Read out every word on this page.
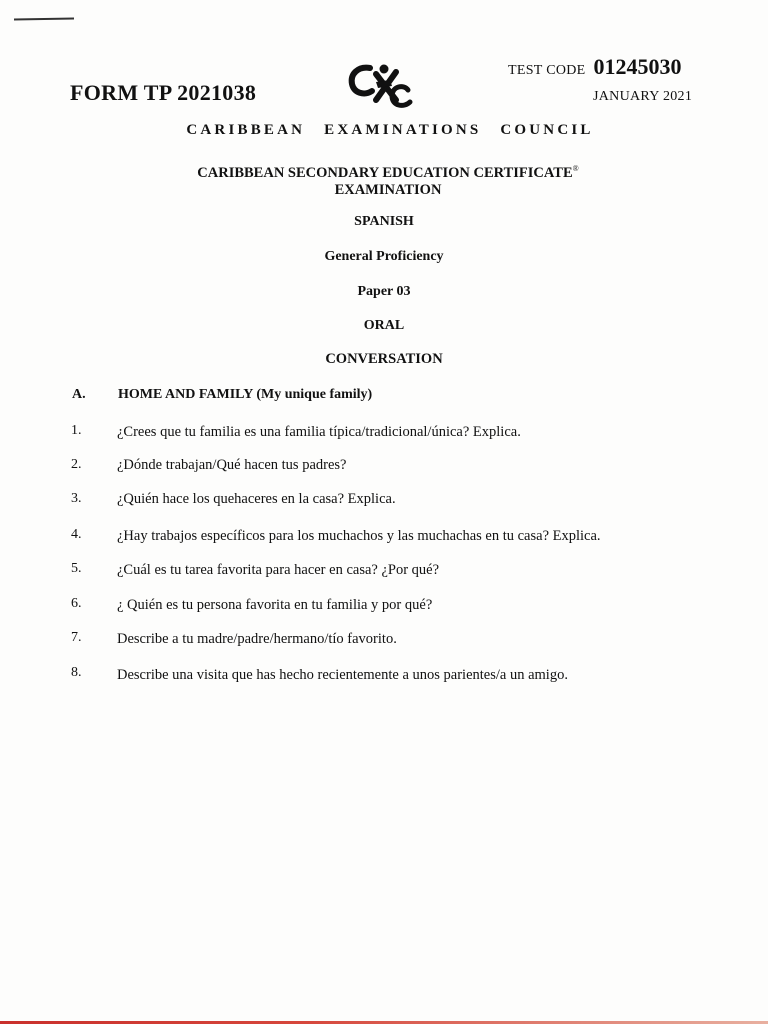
FORM TP 2021038
TEST CODE 01245030
JANUARY 2021
CARIBBEAN EXAMINATIONS COUNCIL
CARIBBEAN SECONDARY EDUCATION CERTIFICATE®
EXAMINATION
SPANISH
General Proficiency
Paper 03
ORAL
CONVERSATION
A. HOME AND FAMILY (My unique family)
1. ¿Crees que tu familia es una familia típica/tradicional/única? Explica.
2. ¿Dónde trabajan/Qué hacen tus padres?
3. ¿Quién hace los quehaceres en la casa? Explica.
4. ¿Hay trabajos específicos para los muchachos y las muchachas en tu casa? Explica.
5. ¿Cuál es tu tarea favorita para hacer en casa? ¿Por qué?
6. ¿ Quién es tu persona favorita en tu familia y por qué?
7. Describe a tu madre/padre/hermano/tío favorito.
8. Describe una visita que has hecho recientemente a unos parientes/a un amigo.
